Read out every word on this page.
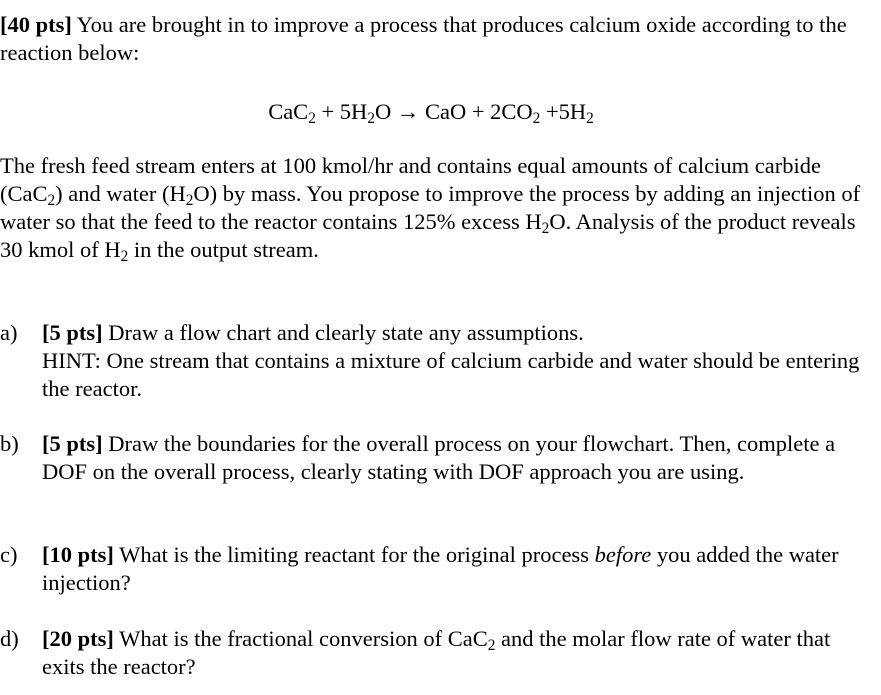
[40 pts] You are brought in to improve a process that produces calcium oxide according to the reaction below:
$CaC_2 + 5H_2O$ → CaO + $2CO_2 +5H_2$
The fresh feed stream enters at 100 kmol/hr and contains equal amounts of calcium carbide (CaC$_2$) and water $(H_2O)$ by mass. You propose to improve the process by adding an injection of water so that the feed to the reactor contains 125% excess $H_2O$. Analysis of the product reveals 30 kmol of $H_2$ in the output stream.
a) [5 pts] Draw a flow chart and clearly state any assumptions.
HINT: One stream that contains a mixture of calcium carbide and water should be entering the reactor.
b) [5 pts] Draw the boundaries for the overall process on your flowchart. Then, complete a DOF on the overall process, clearly stating with DOF approach you are using.
c) [10 pts] What is the limiting reactant for the original process before you added the water injection?
d) [20 pts] What is the fractional conversion of CaC$_2$ and the molar flow rate of water that exits the reactor?
